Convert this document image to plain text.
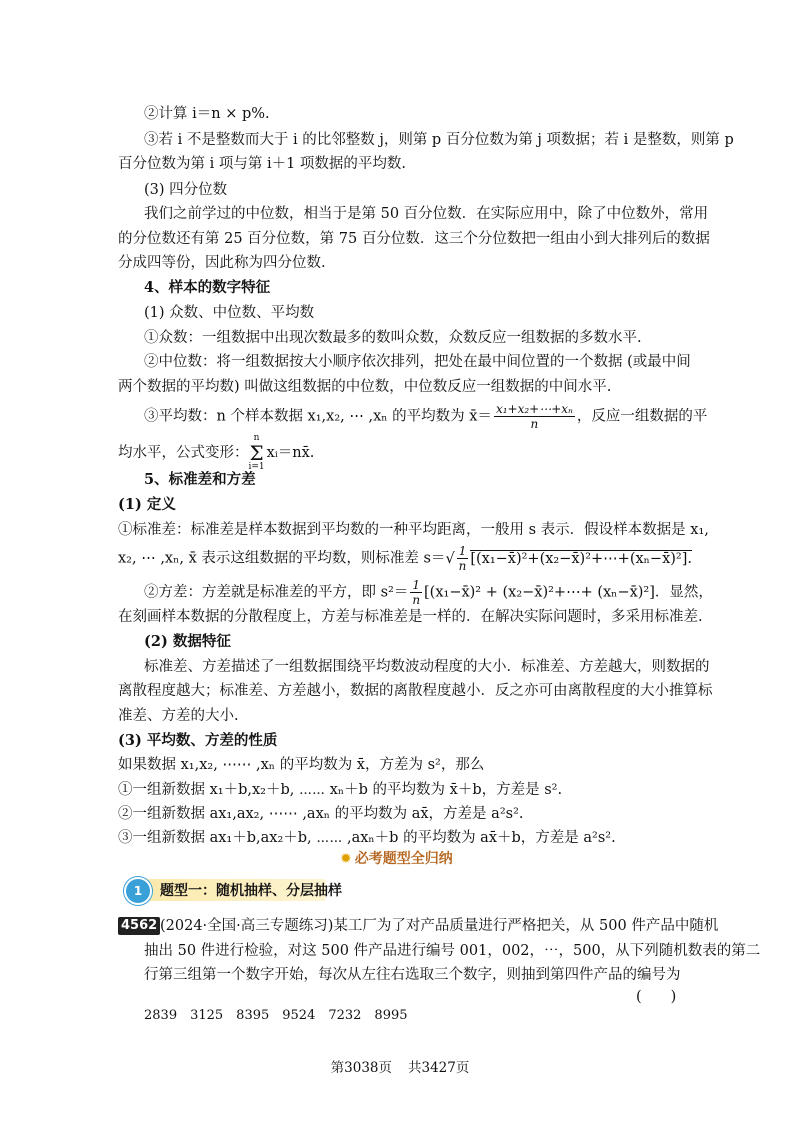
②计算 i＝n × p%.
③若 i 不是整数而大于 i 的比邻整数 j，则第 p 百分位数为第 j 项数据；若 i 是整数，则第 p
百分位数为第 i 项与第 i＋1 项数据的平均数.
(3) 四分位数
我们之前学过的中位数，相当于是第 50 百分位数．在实际应用中，除了中位数外，常用
的分位数还有第 25 百分位数，第 75 百分位数．这三个分位数把一组由小到大排列后的数据
分成四等份，因此称为四分位数.
4、样本的数字特征
(1) 众数、中位数、平均数
①众数：一组数据中出现次数最多的数叫众数，众数反应一组数据的多数水平.
②中位数：将一组数据按大小顺序依次排列，把处在最中间位置的一个数据 (或最中间
两个数据的平均数) 叫做这组数据的中位数，中位数反应一组数据的中间水平.
③平均数：n 个样本数据 x₁,x₂, ⋯ ,xₙ 的平均数为 x̄＝ $\frac{\text{x₁+x₂+⋯+xₙ}}{n}$ ，反应一组数据的平
均水平，公式变形：n
Σ
i=1xᵢ＝nx̄.
5、标准差和方差
(1) 定义
①标准差：标准差是样本数据到平均数的一种平均距离，一般用 s 表示．假设样本数据是 x₁,
x₂, ⋯ ,xₙ, x̄ 表示这组数据的平均数，则标准差 $s=√ \frac{1}{n}$ [(x₁−x̄)²+(x₂−x̄)²+⋯+(xₙ−x̄)²].
②方差：方差就是标准差的平方，即 $s^2= \frac{1}{n}$ [(x₁−x̄)² + (x₂−x̄)²+⋯+ (xₙ−x̄)²]．显然，
在刻画样本数据的分散程度上，方差与标准差是一样的．在解决实际问题时，多采用标准差.
(2) 数据特征
标准差、方差描述了一组数据围绕平均数波动程度的大小．标准差、方差越大，则数据的
离散程度越大；标准差、方差越小，数据的离散程度越小．反之亦可由离散程度的大小推算标
准差、方差的大小.
(3) 平均数、方差的性质
如果数据 x₁,x₂, ⋯⋯ ,xₙ 的平均数为 x̄，方差为 s²，那么
①一组新数据 x₁＋b,x₂＋b, ⋯⋯ xₙ＋b 的平均数为 x̄＋b，方差是 s².
②一组新数据 ax₁,ax₂, ⋯⋯ ,axₙ 的平均数为 ax̄，方差是 a²s².
③一组新数据 ax₁＋b,ax₂＋b, ⋯⋯ ,axₙ＋b 的平均数为 ax̄＋b，方差是 a²s².
✹ 必考题型全归纳
1	题型一：随机抽样、分层抽样
4562 (2024·全国·高三专题练习)某工厂为了对产品质量进行严格把关，从 500 件产品中随机
抽出 50 件进行检验，对这 500 件产品进行编号 001，002，⋯，500，从下列随机数表的第二
行第三组第一个数字开始，每次从左往右选取三个数字，则抽到第四件产品的编号为
(　　)
2839　3125　8395　9524　7232　8995
第3038页 共3427页
